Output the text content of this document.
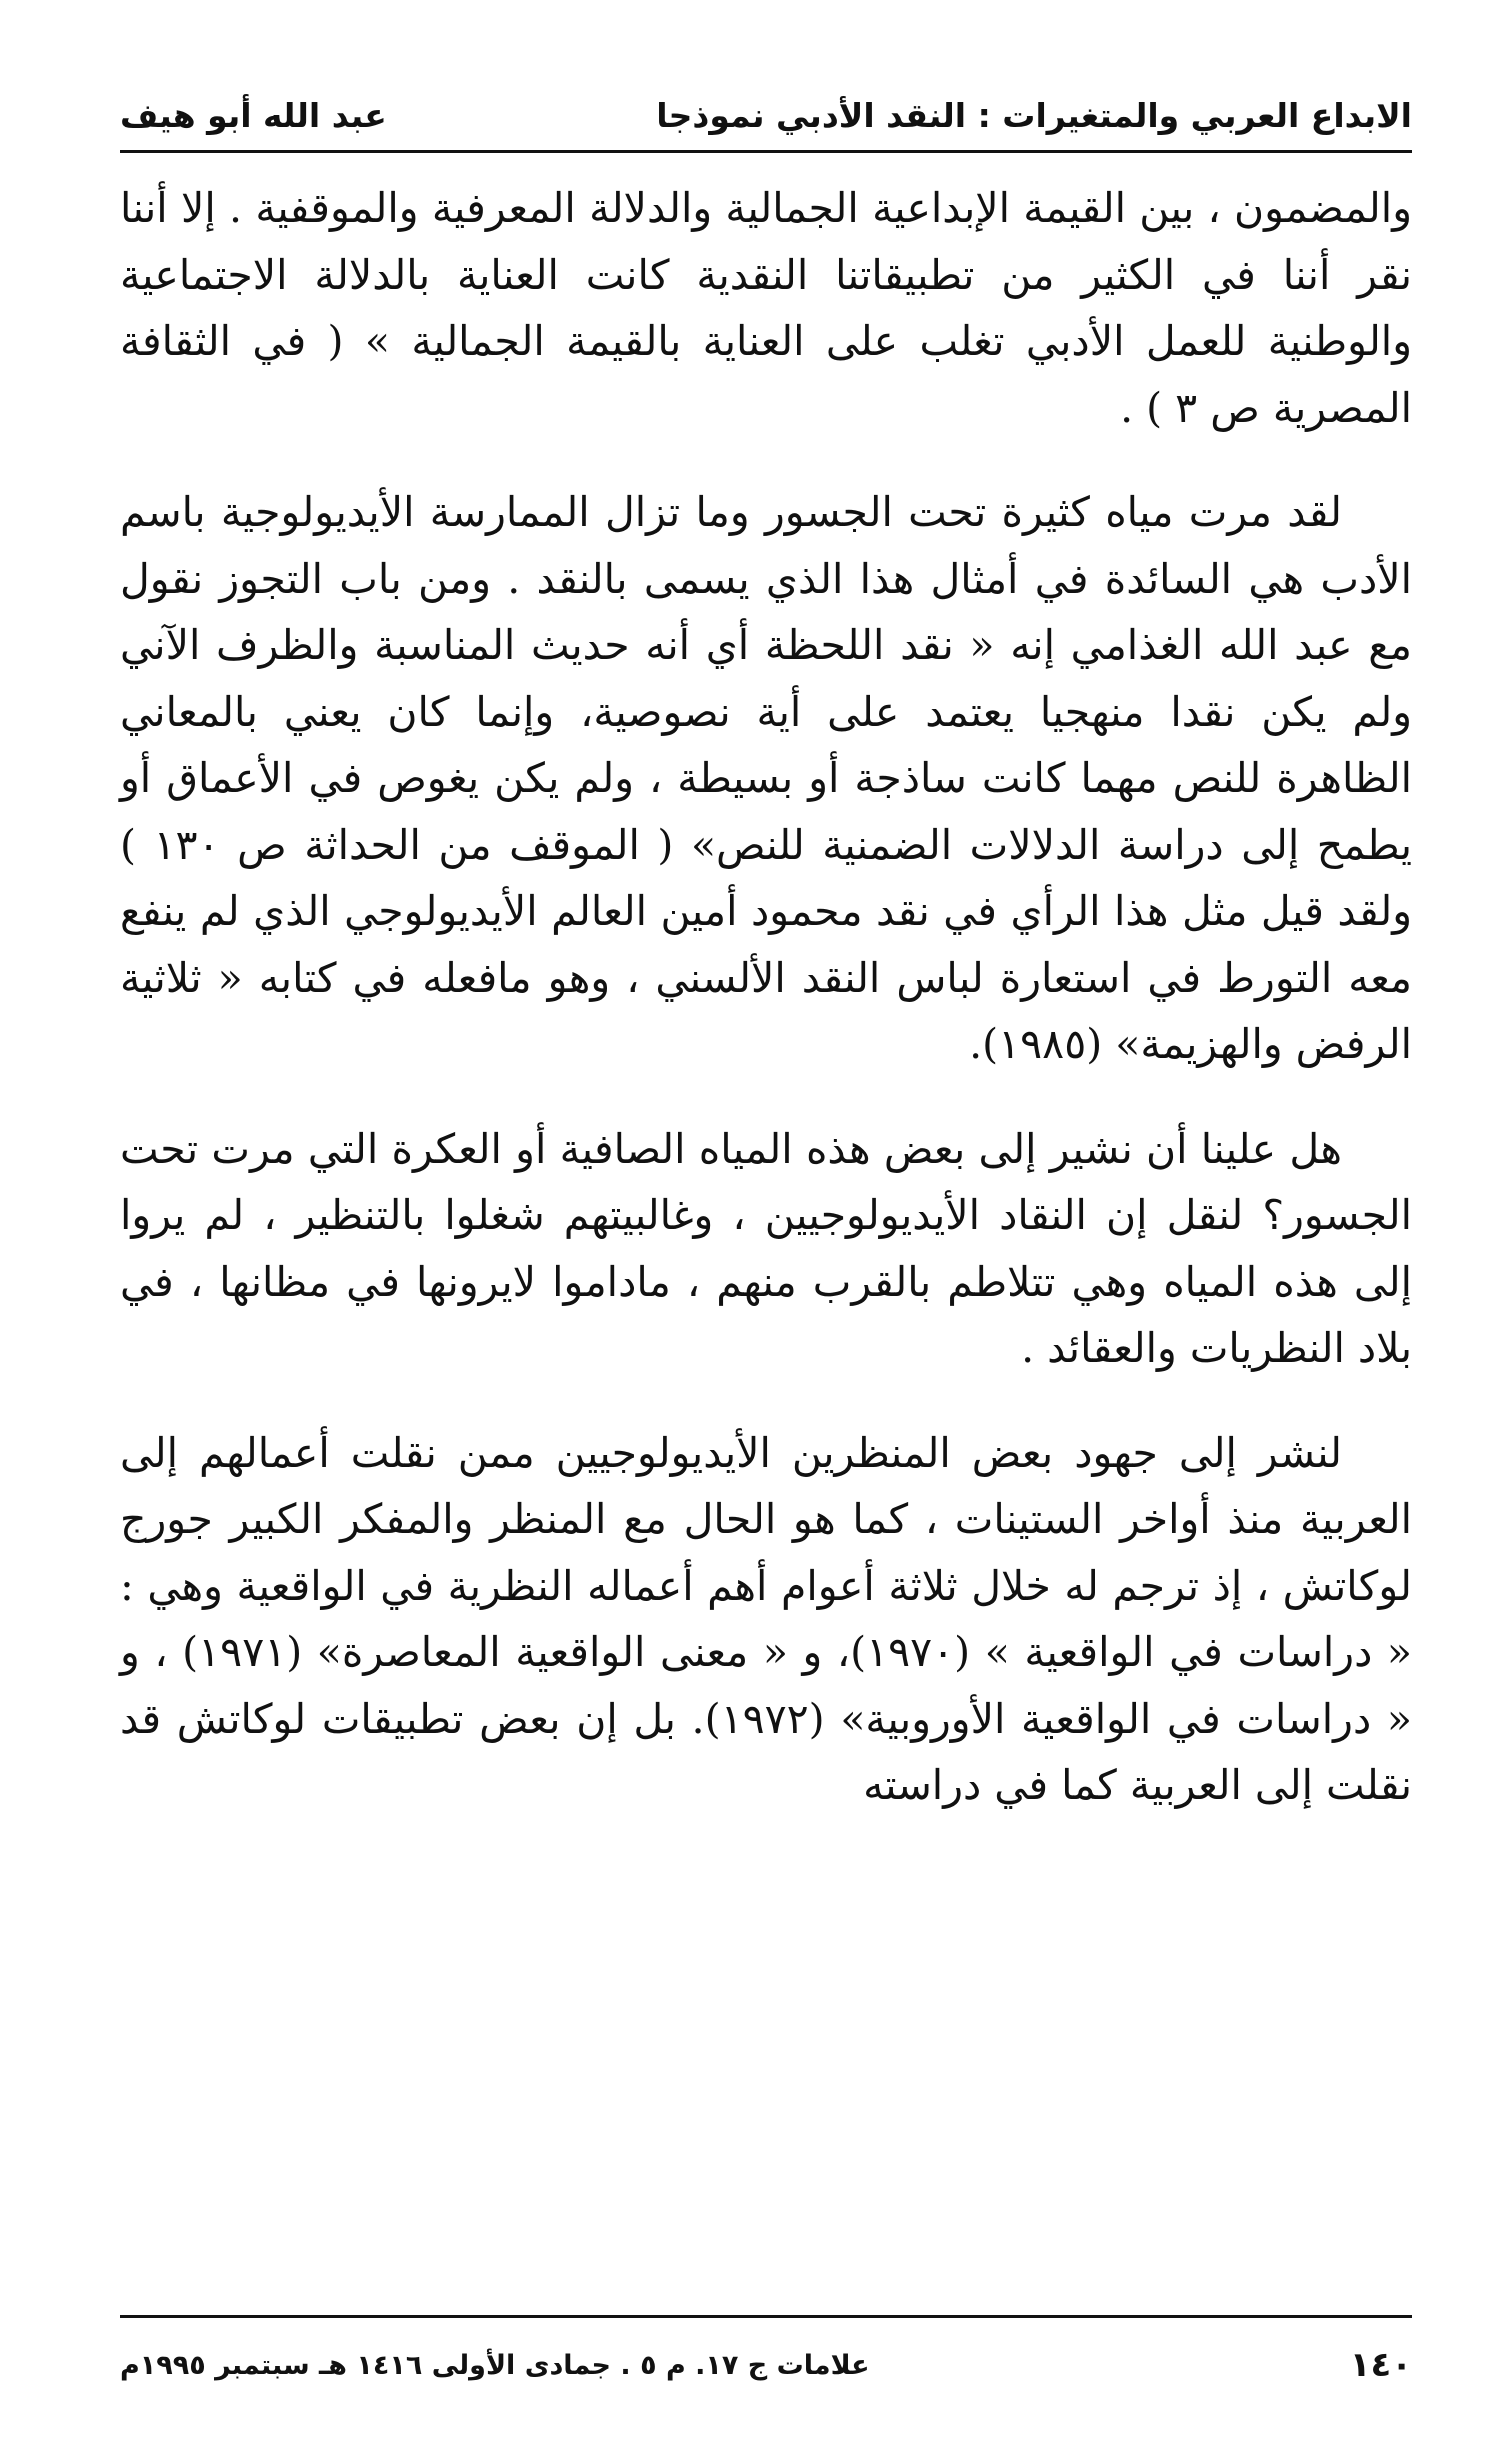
الابداع العربي والمتغيرات : النقد الأدبي نموذجا
عبد الله أبو هيف

والمضمون ، بين القيمة الإبداعية الجمالية والدلالة المعرفية والموقفية . إلا أننا نقر أننا في الكثير من تطبيقاتنا النقدية كانت العناية بالدلالة الاجتماعية والوطنية للعمل الأدبي تغلب على العناية بالقيمة الجمالية » ( في الثقافة المصرية ص ٣ ) .

لقد مرت مياه كثيرة تحت الجسور وما تزال الممارسة الأيديولوجية باسم الأدب هي السائدة في أمثال هذا الذي يسمى بالنقد . ومن باب التجوز نقول مع عبد الله الغذامي إنه « نقد اللحظة أي أنه حديث المناسبة والظرف الآني ولم يكن نقدا منهجيا يعتمد على أية نصوصية، وإنما كان يعني بالمعاني الظاهرة للنص مهما كانت ساذجة أو بسيطة ، ولم يكن يغوص في الأعماق أو يطمح إلى دراسة الدلالات الضمنية للنص» ( الموقف من الحداثة ص ١٣٠ ) ولقد قيل مثل هذا الرأي في نقد محمود أمين العالم الأيديولوجي الذي لم ينفع معه التورط في استعارة لباس النقد الألسني ، وهو مافعله في كتابه « ثلاثية الرفض والهزيمة» (١٩٨٥).

هل علينا أن نشير إلى بعض هذه المياه الصافية أو العكرة التي مرت تحت الجسور؟ لنقل إن النقاد الأيديولوجيين ، وغالبيتهم شغلوا بالتنظير ، لم يروا إلى هذه المياه وهي تتلاطم بالقرب منهم ، ماداموا لايرونها في مظانها ، في بلاد النظريات والعقائد .

لنشر إلى جهود بعض المنظرين الأيديولوجيين ممن نقلت أعمالهم إلى العربية منذ أواخر الستينات ، كما هو الحال مع المنظر والمفكر الكبير جورج لوكاتش ، إذ ترجم له خلال ثلاثة أعوام أهم أعماله النظرية في الواقعية وهي : « دراسات في الواقعية » (١٩٧٠)، و « معنى الواقعية المعاصرة» (١٩٧١) ، و « دراسات في الواقعية الأوروبية» (١٩٧٢). بل إن بعض تطبيقات لوكاتش قد نقلت إلى العربية كما في دراسته

١٤٠
علامات ج ١٧. م ٥ . جمادى الأولى ١٤١٦ هـ سبتمبر ١٩٩٥م
